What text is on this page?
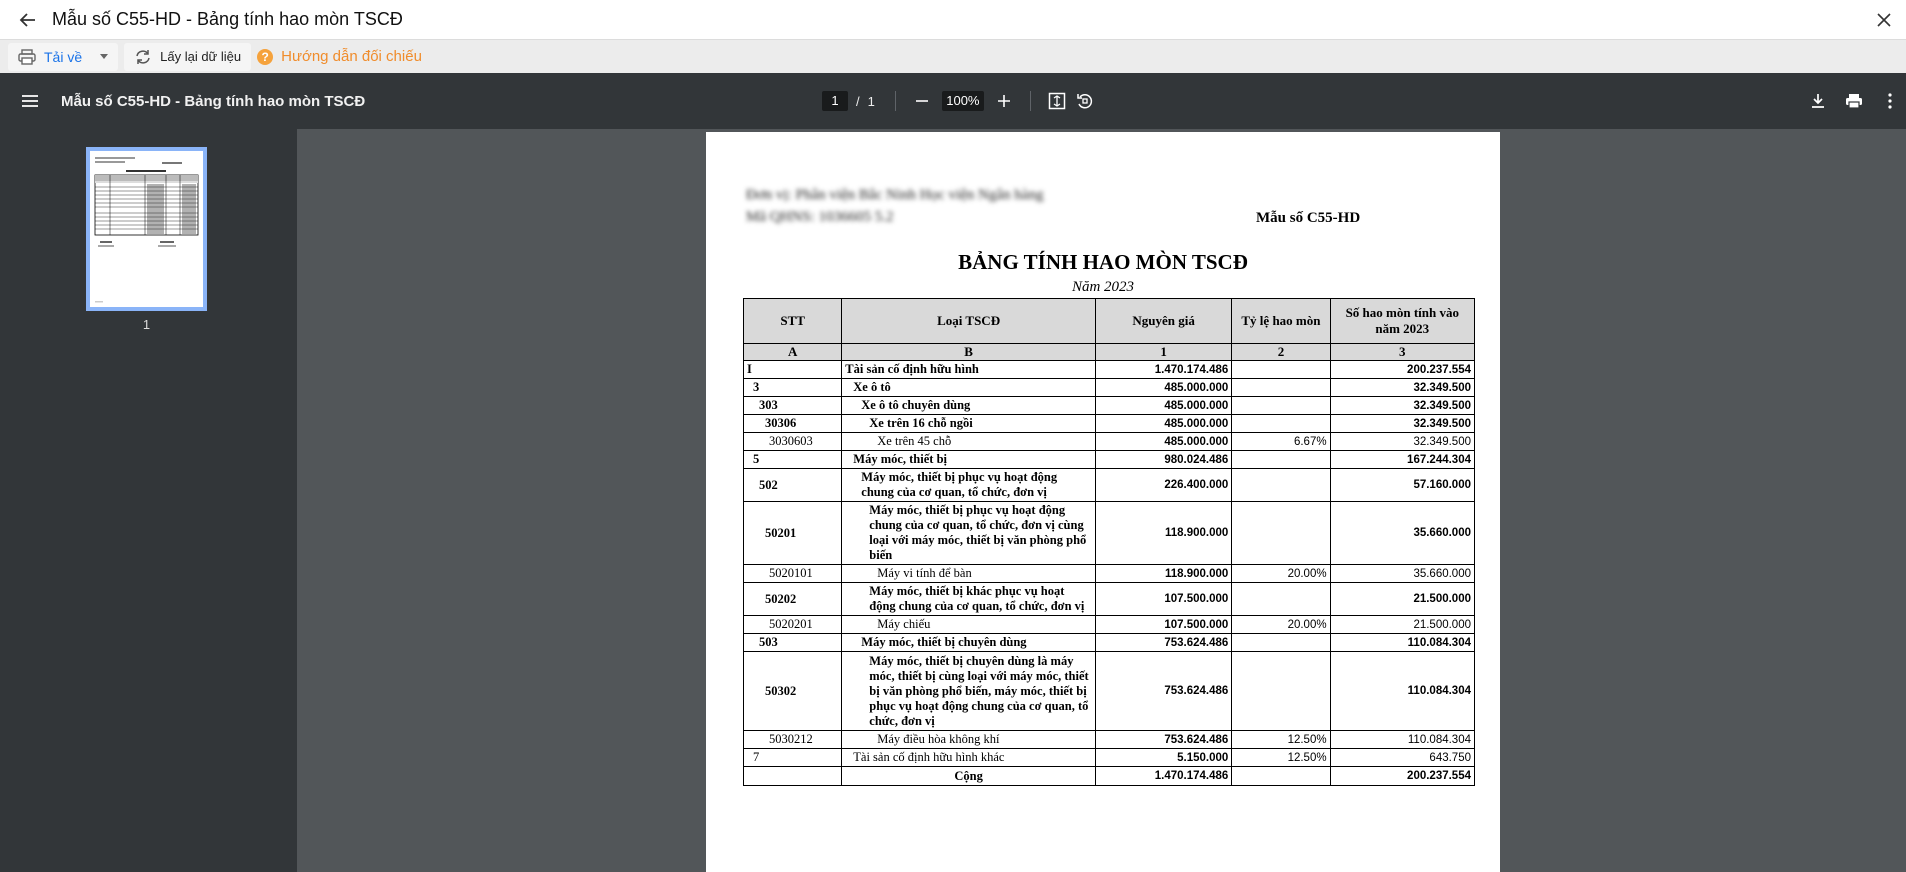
Mẫu số C55-HD - Bảng tính hao mòn TSCĐ
Tải về	Lấy lại dữ liệu	? Hướng dẫn đối chiếu
Mẫu số C55-HD - Bảng tính hao mòn TSCĐ	1	/ 1	100%
1
Đơn vị: Phân viện Bắc Ninh Học viện Ngân hàng
Mã QHNS: 1036605 5.2	Mẫu số C55-HD
BẢNG TÍNH HAO MÒN TSCĐ
Năm 2023
STT	Loại TSCĐ	Nguyên giá	Tỷ lệ hao mòn	Số hao mòn tính vào năm 2023
A	B	1	2	3
I	Tài sản cố định hữu hình	1.470.174.486		200.237.554
3	Xe ô tô	485.000.000		32.349.500
303	Xe ô tô chuyên dùng	485.000.000		32.349.500
30306	Xe trên 16 chỗ ngồi	485.000.000		32.349.500
3030603	Xe trên 45 chỗ	485.000.000	6.67%	32.349.500
5	Máy móc, thiết bị	980.024.486		167.244.304
502	Máy móc, thiết bị phục vụ hoạt động chung của cơ quan, tổ chức, đơn vị	226.400.000		57.160.000
50201	Máy móc, thiết bị phục vụ hoạt động chung của cơ quan, tổ chức, đơn vị cùng loại với máy móc, thiết bị văn phòng phổ biến	118.900.000		35.660.000
5020101	Máy vi tính để bàn	118.900.000	20.00%	35.660.000
50202	Máy móc, thiết bị khác phục vụ hoạt động chung của cơ quan, tổ chức, đơn vị	107.500.000		21.500.000
5020201	Máy chiếu	107.500.000	20.00%	21.500.000
503	Máy móc, thiết bị chuyên dùng	753.624.486		110.084.304
50302	Máy móc, thiết bị chuyên dùng là máy móc, thiết bị cùng loại với máy móc, thiết bị văn phòng phổ biến, máy móc, thiết bị phục vụ hoạt động chung của cơ quan, tổ chức, đơn vị	753.624.486		110.084.304
5030212	Máy điều hòa không khí	753.624.486	12.50%	110.084.304
7	Tài sản cố định hữu hình khác	5.150.000	12.50%	643.750
	Cộng	1.470.174.486		200.237.554
